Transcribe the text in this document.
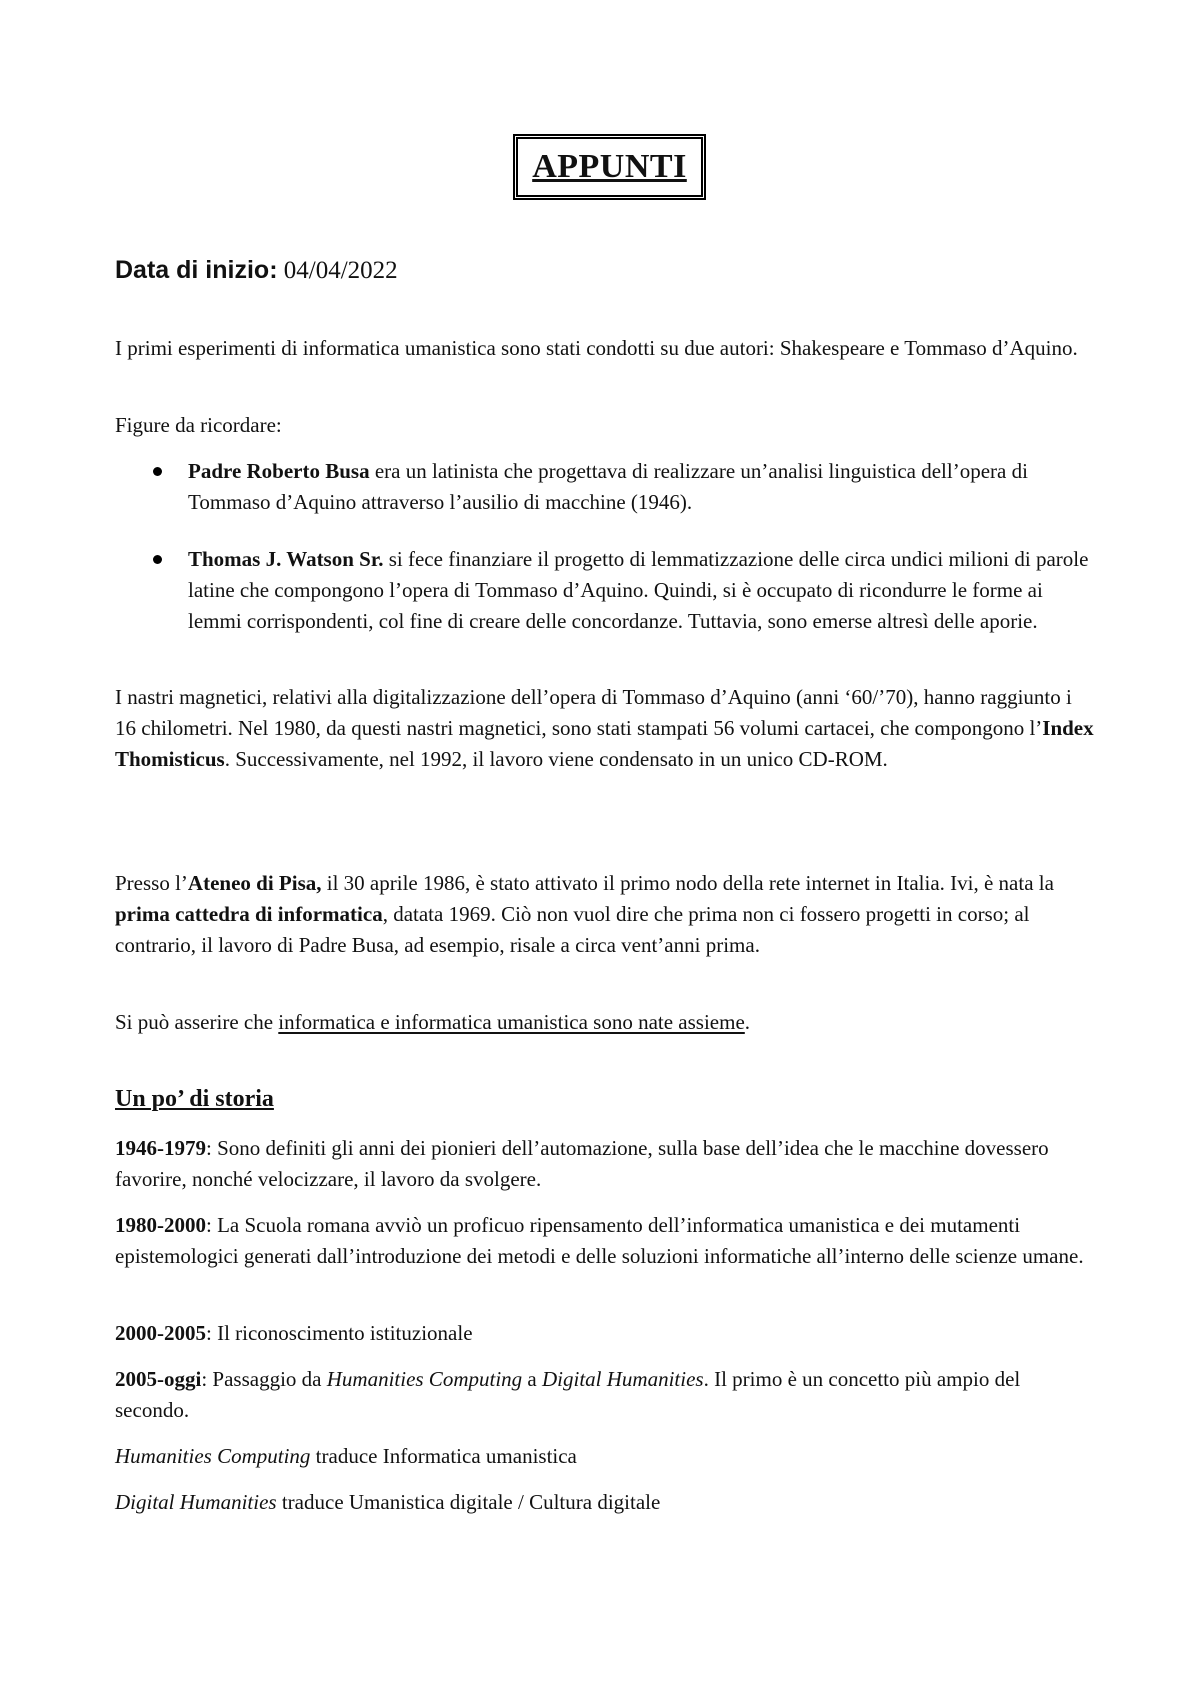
APPUNTI

Data di inizio: 04/04/2022

I primi esperimenti di informatica umanistica sono stati condotti su due autori: Shakespeare e Tommaso d’Aquino.

Figure da ricordare:

Padre Roberto Busa era un latinista che progettava di realizzare un’analisi linguistica dell’opera di Tommaso d’Aquino attraverso l’ausilio di macchine (1946).
Thomas J. Watson Sr. si fece finanziare il progetto di lemmatizzazione delle circa undici milioni di parole latine che compongono l’opera di Tommaso d’Aquino. Quindi, si è occupato di ricondurre le forme ai lemmi corrispondenti, col fine di creare delle concordanze. Tuttavia, sono emerse altresì delle aporie.

I nastri magnetici, relativi alla digitalizzazione dell’opera di Tommaso d’Aquino (anni ‘60/’70), hanno raggiunto i 16 chilometri. Nel 1980, da questi nastri magnetici, sono stati stampati 56 volumi cartacei, che compongono l’Index Thomisticus. Successivamente, nel 1992, il lavoro viene condensato in un unico CD-ROM.

Presso l’Ateneo di Pisa, il 30 aprile 1986, è stato attivato il primo nodo della rete internet in Italia. Ivi, è nata la prima cattedra di informatica, datata 1969. Ciò non vuol dire che prima non ci fossero progetti in corso; al contrario, il lavoro di Padre Busa, ad esempio, risale a circa vent’anni prima.

Si può asserire che informatica e informatica umanistica sono nate assieme.

Un po’ di storia

1946-1979: Sono definiti gli anni dei pionieri dell’automazione, sulla base dell’idea che le macchine dovessero favorire, nonché velocizzare, il lavoro da svolgere.

1980-2000: La Scuola romana avviò un proficuo ripensamento dell’informatica umanistica e dei mutamenti epistemologici generati dall’introduzione dei metodi e delle soluzioni informatiche all’interno delle scienze umane.

2000-2005: Il riconoscimento istituzionale

2005-oggi: Passaggio da Humanities Computing a Digital Humanities. Il primo è un concetto più ampio del secondo.

Humanities Computing traduce Informatica umanistica

Digital Humanities traduce Umanistica digitale / Cultura digitale
